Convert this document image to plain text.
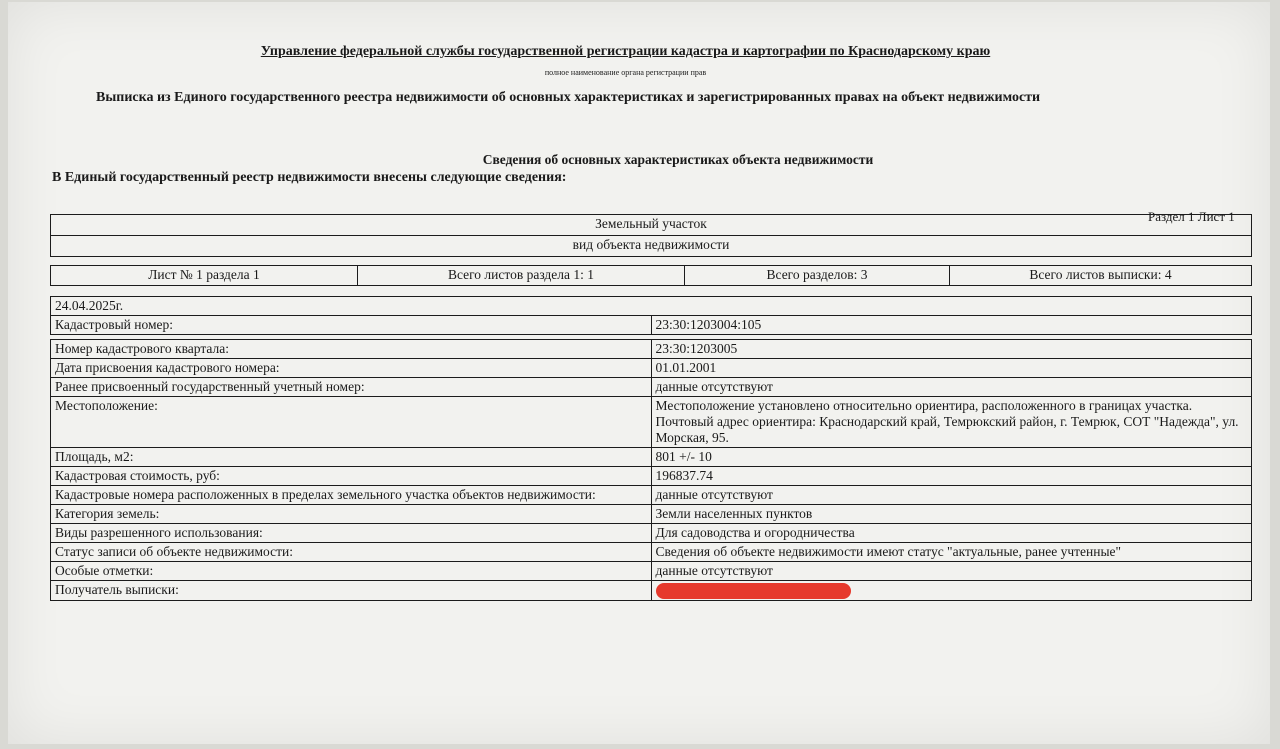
Управление федеральной службы государственной регистрации кадастра и картографии по Краснодарскому краю
полное наименование органа регистрации прав
Выписка из Единого государственного реестра недвижимости об основных характеристиках и зарегистрированных правах на объект недвижимости
Сведения об основных характеристиках объекта недвижимости
В Единый государственный реестр недвижимости внесены следующие сведения:
Раздел 1 Лист 1
Земельный участок
вид объекта недвижимости
Лист № 1 раздела 1	Всего листов раздела 1: 1	Всего разделов: 3	Всего листов выписки: 4
24.04.2025г.	
Кадастровый номер:	23:30:1203004:105

Номер кадастрового квартала:	23:30:1203005
Дата присвоения кадастрового номера:	01.01.2001
Ранее присвоенный государственный учетный номер:	данные отсутствуют
Местоположение:	Местоположение установлено относительно ориентира, расположенного в границах участка. Почтовый адрес ориентира: Краснодарский край, Темрюкский район, г. Темрюк, СОТ "Надежда", ул. Морская, 95.
Площадь, м2:	801 +/- 10
Кадастровая стоимость, руб:	196837.74
Кадастровые номера расположенных в пределах земельного участка объектов недвижимости:	данные отсутствуют
Категория земель:	Земли населенных пунктов
Виды разрешенного использования:	Для садоводства и огородничества
Статус записи об объекте недвижимости:	Сведения об объекте недвижимости имеют статус "актуальные, ранее учтенные"
Особые отметки:	данные отсутствуют
Получатель выписки:	
